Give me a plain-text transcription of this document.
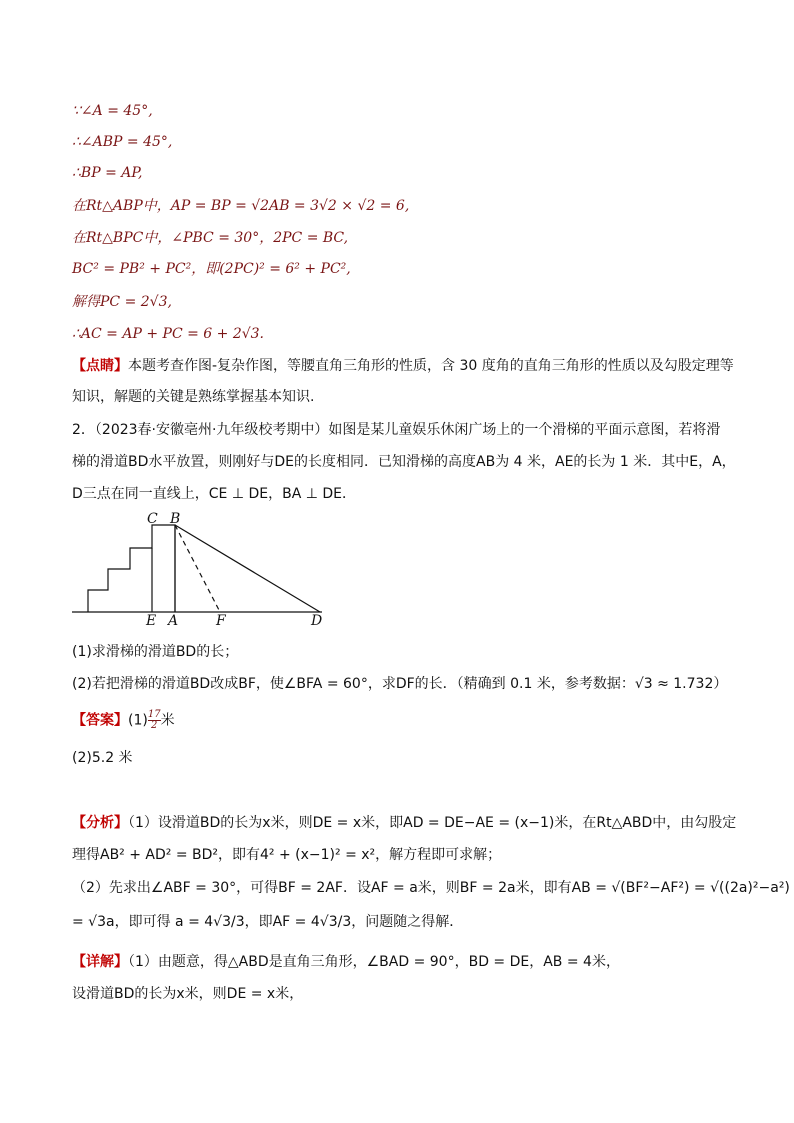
∵∠A = 45°,
∴∠ABP = 45°,
∴BP = AP,
在Rt△ABP中，AP = BP = √2AB = 3√2 × √2 = 6,
在Rt△BPC中，∠PBC = 30°，2PC = BC,
BC² = PB² + PC²，即(2PC)² = 6² + PC²,
解得PC = 2√3,
∴AC = AP + PC = 6 + 2√3.
【点睛】本题考查作图-复杂作图，等腰直角三角形的性质，含 30 度角的直角三角形的性质以及勾股定理等
知识，解题的关键是熟练掌握基本知识.
2．（2023春·安徽亳州·九年级校考期中）如图是某儿童娱乐休闲广场上的一个滑梯的平面示意图，若将滑
梯的滑道BD水平放置，则刚好与DE的长度相同．已知滑梯的高度AB为 4 米，AE的长为 1 米．其中E，A，
D三点在同一直线上，CE ⊥ DE，BA ⊥ DE．
C B
E A	F	D
(1)求滑梯的滑道BD的长；
(2)若把滑梯的滑道BD改成BF，使∠BFA = 60°，求DF的长．（精确到 0.1 米，参考数据：√3 ≈ 1.732）
【答案】$(1) \frac{17}{2}$ 米
(2)5.2 米
【分析】（1）设滑道BD的长为x米，则DE = x米，即AD = DE−AE = (x−1)米，在Rt△ABD中，由勾股定
理得AB² + AD² = BD²，即有4² + (x−1)² = x²，解方程即可求解；
（2）先求出∠ABF = 30°，可得BF = 2AF．设AF = a米，则BF = 2a米，即有AB = √(BF²−AF²) = √((2a)²−a²)
= √3a，即可得 a = 4√3/3，即AF = 4√3/3，问题随之得解．
【详解】（1）由题意，得△ABD是直角三角形，∠BAD = 90°，BD = DE，AB = 4米，
设滑道BD的长为x米，则DE = x米，
